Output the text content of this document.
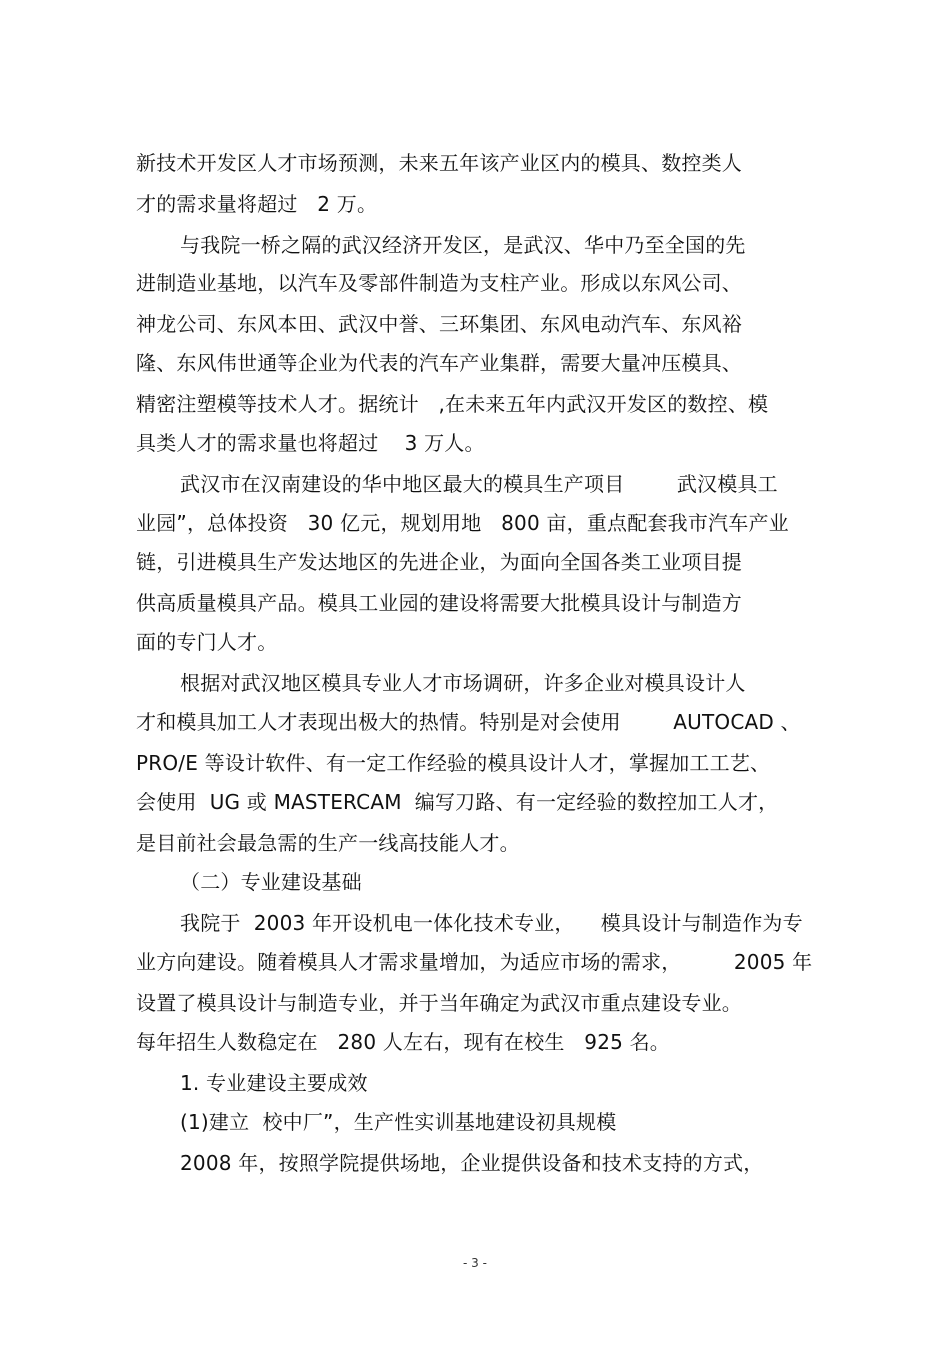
新技术开发区人才市场预测，未来五年该产业区内的模具、数控类人
才的需求量将超过   2 万。
与我院一桥之隔的武汉经济开发区，是武汉、华中乃至全国的先
进制造业基地，以汽车及零部件制造为支柱产业。形成以东风公司、
神龙公司、东风本田、武汉中誉、三环集团、东风电动汽车、东风裕
隆、东风伟世通等企业为代表的汽车产业集群，需要大量冲压模具、
精密注塑模等技术人才。据统计   ,在未来五年内武汉开发区的数控、模
具类人才的需求量也将超过    3 万人。
武汉市在汉南建设的华中地区最大的模具生产项目        武汉模具工
业园”，总体投资   30 亿元，规划用地   800 亩，重点配套我市汽车产业
链，引进模具生产发达地区的先进企业，为面向全国各类工业项目提
供高质量模具产品。模具工业园的建设将需要大批模具设计与制造方
面的专门人才。
根据对武汉地区模具专业人才市场调研，许多企业对模具设计人
才和模具加工人才表现出极大的热情。特别是对会使用        AUTOCAD 、
PRO/E 等设计软件、有一定工作经验的模具设计人才，掌握加工工艺、
会使用  UG 或 MASTERCAM  编写刀路、有一定经验的数控加工人才，
是目前社会最急需的生产一线高技能人才。
（二）专业建设基础
我院于  2003 年开设机电一体化技术专业，    模具设计与制造作为专
业方向建设。随着模具人才需求量增加，为适应市场的需求，        2005 年
设置了模具设计与制造专业，并于当年确定为武汉市重点建设专业。
每年招生人数稳定在   280 人左右，现有在校生   925 名。
1. 专业建设主要成效
(1)建立  校中厂”，生产性实训基地建设初具规模
2008 年，按照学院提供场地，企业提供设备和技术支持的方式，
- 3 -
